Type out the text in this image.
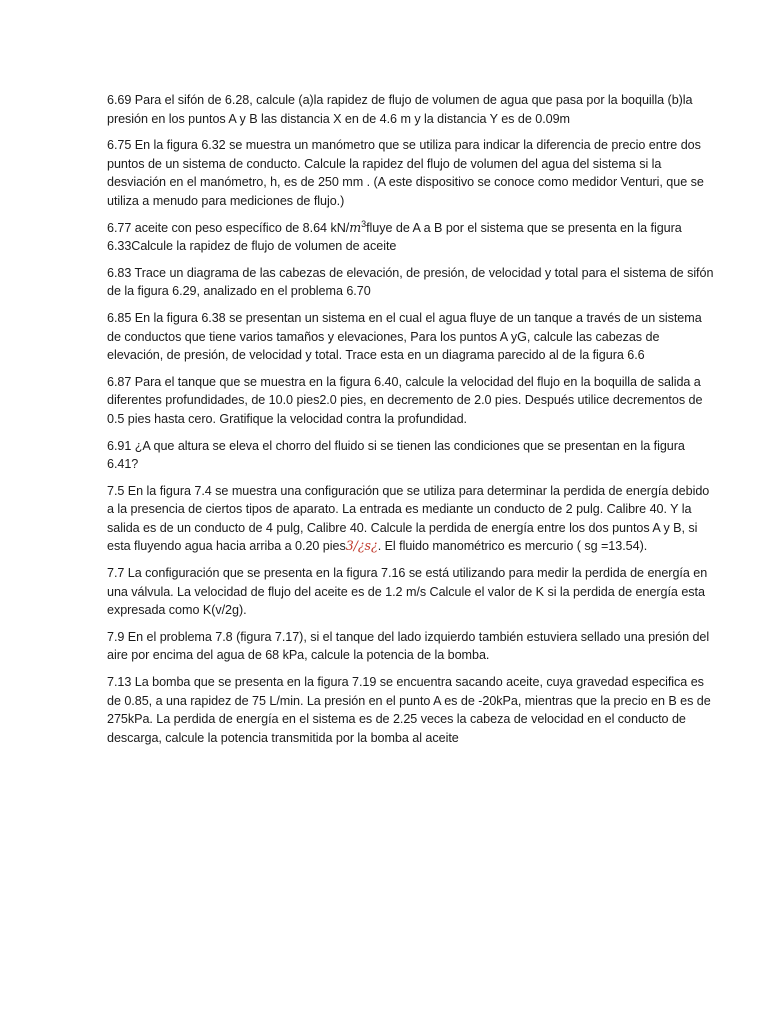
6.69 Para el sifón de 6.28, calcule (a)la rapidez de flujo de volumen de agua que pasa por la boquilla (b)la presión en los puntos A y B las distancia X en de 4.6 m y la distancia Y es de 0.09m

6.75 En la figura 6.32 se muestra un manómetro que se utiliza para indicar la diferencia de precio entre dos puntos de un sistema de conducto. Calcule la rapidez del flujo de volumen del agua del sistema si la desviación en el manómetro, h, es de 250 mm . (A este dispositivo se conoce como medidor Venturi, que se utiliza a menudo para mediciones de flujo.)

6.77 aceite con peso específico de 8.64 $kN/m^3fluye$ de A a B por el sistema que se presenta en la figura 6.33Calcule la rapidez de flujo de volumen de aceite

6.83 Trace un diagrama de las cabezas de elevación, de presión, de velocidad y total para el sistema de sifón de la figura 6.29, analizado en el problema 6.70

6.85 En la figura 6.38 se presentan un sistema en el cual el agua fluye de un tanque a través de un sistema de conductos que tiene varios tamaños y elevaciones, Para los puntos A yG, calcule las cabezas de elevación, de presión, de velocidad y total. Trace esta en un diagrama parecido al de la figura 6.6

6.87 Para el tanque que se muestra en la figura 6.40, calcule la velocidad del flujo en la boquilla de salida a diferentes profundidades, de 10.0 pies2.0 pies, en decremento de 2.0 pies. Después utilice decrementos de 0.5 pies hasta cero. Gratifique la velocidad contra la profundidad.

6.91 ¿A que altura se eleva el chorro del fluido si se tienen las condiciones que se presentan en la figura 6.41?

7.5 En la figura 7.4 se muestra una configuración que se utiliza para determinar la perdida de energía debido a la presencia de ciertos tipos de aparato. La entrada es mediante un conducto de 2 pulg. Calibre 40. Y la salida es de un conducto de 4 pulg, Calibre 40. Calcule la perdida de energía entre los dos puntos A y B, si esta fluyendo agua hacia arriba a 0.20 pies3/¿s¿. El fluido manométrico es mercurio ( sg =13.54).

7.7 La configuración que se presenta en la figura 7.16 se está utilizando para medir la perdida de energía en una válvula. La velocidad de flujo del aceite es de 1.2 m/s Calcule el valor de K si la perdida de energía esta expresada como K(v/2g).

7.9 En el problema 7.8 (figura 7.17), si el tanque del lado izquierdo también estuviera sellado una presión del aire por encima del agua de 68 kPa, calcule la potencia de la bomba.

7.13 La bomba que se presenta en la figura 7.19 se encuentra sacando aceite, cuya gravedad especifica es de 0.85, a una rapidez de 75 L/min. La presión en el punto A es de -20kPa, mientras que la precio en B es de 275kPa. La perdida de energía en el sistema es de 2.25 veces la cabeza de velocidad en el conducto de descarga, calcule la potencia transmitida por la bomba al aceite
